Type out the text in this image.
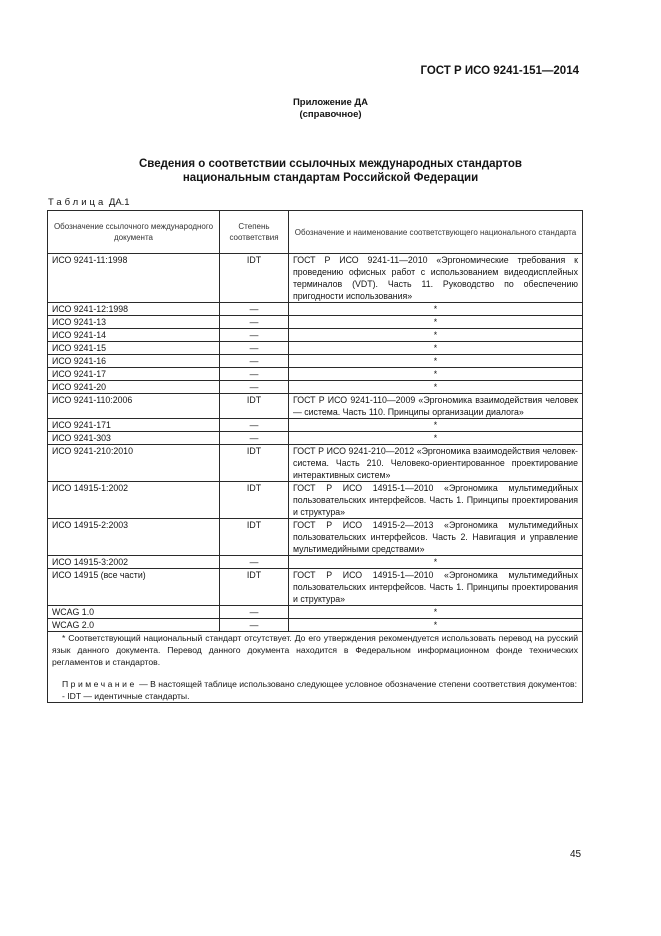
ГОСТ Р ИСО 9241-151—2014
Приложение ДА
(справочное)
Сведения о соответствии ссылочных международных стандартов
национальным стандартам Российской Федерации
Таблица ДА.1
Обозначение ссылочного международного документа	Степень соответствия	Обозначение и наименование соответствующего национального стандарта
ИСО 9241-11:1998	IDT	ГОСТ Р ИСО 9241-11—2010 «Эргономические требования к проведению офисных работ с использованием видеодисплейных терминалов (VDT). Часть 11. Руководство по обеспечению пригодности использования»
ИСО 9241-12:1998	—	*
ИСО 9241-13	—	*
ИСО 9241-14	—	*
ИСО 9241-15	—	*
ИСО 9241-16	—	*
ИСО 9241-17	—	*
ИСО 9241-20	—	*
ИСО 9241-110:2006	IDT	ГОСТ Р ИСО 9241-110—2009 «Эргономика взаимодействия человек — система. Часть 110. Принципы организации диалога»
ИСО 9241-171	—	*
ИСО 9241-303	—	*
ИСО 9241-210:2010	IDT	ГОСТ Р ИСО 9241-210—2012 «Эргономика взаимодействия человек-система. Часть 210. Человеко-ориентированное проектирование интерактивных систем»
ИСО 14915-1:2002	IDT	ГОСТ Р ИСО 14915-1—2010 «Эргономика мультимедийных пользовательских интерфейсов. Часть 1. Принципы проектирования и структура»
ИСО 14915-2:2003	IDT	ГОСТ Р ИСО 14915-2—2013 «Эргономика мультимедийных пользовательских интерфейсов. Часть 2. Навигация и управление мультимедийными средствами»
ИСО 14915-3:2002	—	*
ИСО 14915 (все части)	IDT	ГОСТ Р ИСО 14915-1—2010 «Эргономика мультимедийных пользовательских интерфейсов. Часть 1. Принципы проектирования и структура»
WCAG 1.0	—	*
WCAG 2.0	—	*

* Соответствующий национальный стандарт отсутствует. До его утверждения рекомендуется использовать перевод на русский язык данного документа. Перевод данного документа находится в Федеральном информационном фонде технических регламентов и стандартов.

Примечание — В настоящей таблице использовано следующее условное обозначение степени соответствия документов:

- IDT — идентичные стандарты.		

45
